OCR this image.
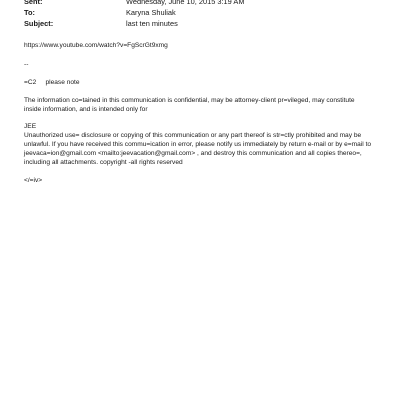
Sent:	Wednesday, June 10, 2015 3:19 AM
To:	Karyna Shuliak
Subject:	last ten minutes
https://www.youtube.com/watch?v=FgScrGt9xmg
--
=C2     please note
The information co=tained in this communication is confidential, may be attorney-client pr=vileged, may constitute
inside information, and is intended only for
JEE
Unauthorized use= disclosure or copying of this communication or any part thereof is str=ctly prohibited and may be
unlawful. If you have received this commu=ication in error, please notify us immediately by return e-mail or by e=mail to
jeevaca=ion@gmail.com <mailto:jeevacation@gmail.com> , and destroy this communication and all copies thereo=,
including all attachments. copyright -all rights reserved
</=iv>
